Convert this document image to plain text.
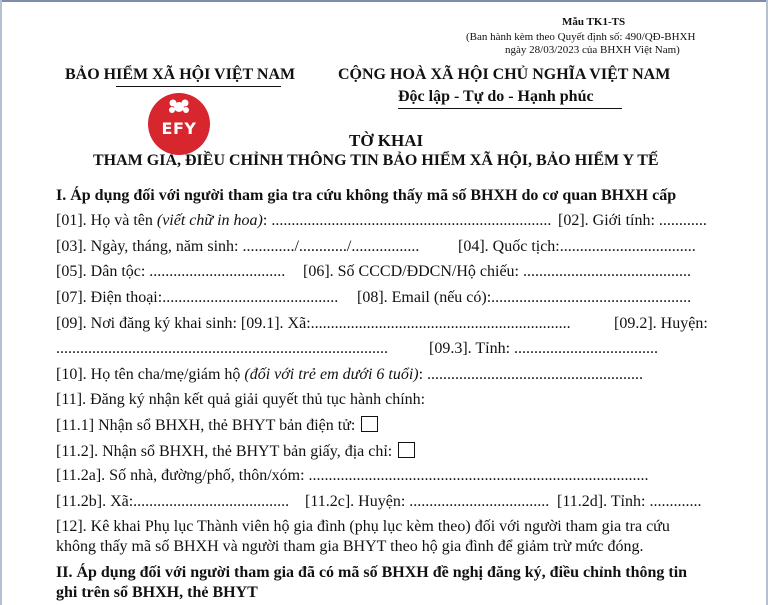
Mẫu TK1-TS
(Ban hành kèm theo Quyết định số: 490/QĐ-BHXH
ngày 28/03/2023 của BHXH Việt Nam)
BẢO HIỂM XÃ HỘI VIỆT NAM	CỘNG HOÀ XÃ HỘI CHỦ NGHĨA VIỆT NAM
Độc lập - Tự do - Hạnh phúc
EFY
TỜ KHAI
THAM GIA, ĐIỀU CHỈNH THÔNG TIN BẢO HIỂM XÃ HỘI, BẢO HIỂM Y TẾ
I. Áp dụng đối với người tham gia tra cứu không thấy mã số BHXH do cơ quan BHXH cấp
[01]. Họ và tên (viết chữ in hoa): ...................................................................... [02]. Giới tính: ............
[03]. Ngày, tháng, năm sinh: ............./............/................. [04]. Quốc tịch:..................................
[05]. Dân tộc: .................................. [06]. Số CCCD/ĐDCN/Hộ chiếu: ..........................................
[07]. Điện thoại:............................................ [08]. Email (nếu có):..................................................
[09]. Nơi đăng ký khai sinh: [09.1]. Xã:.................................................................	[09.2]. Huyện:
...................................................................................	[09.3]. Tỉnh: ....................................
[10]. Họ tên cha/mẹ/giám hộ (đối với trẻ em dưới 6 tuổi): ......................................................
[11]. Đăng ký nhận kết quả giải quyết thủ tục hành chính:
[11.1] Nhận sổ BHXH, thẻ BHYT bản điện tử:
[11.2]. Nhận sổ BHXH, thẻ BHYT bản giấy, địa chỉ:
[11.2a]. Số nhà, đường/phố, thôn/xóm: .....................................................................................
[11.2b]. Xã:....................................... [11.2c]. Huyện: ................................... [11.2d]. Tỉnh: .............
[12]. Kê khai Phụ lục Thành viên hộ gia đình (phụ lục kèm theo) đối với người tham gia tra cứu
không thấy mã số BHXH và người tham gia BHYT theo hộ gia đình để giảm trừ mức đóng.
II. Áp dụng đối với người tham gia đã có mã số BHXH đề nghị đăng ký, điều chỉnh thông tin
ghi trên sổ BHXH, thẻ BHYT
